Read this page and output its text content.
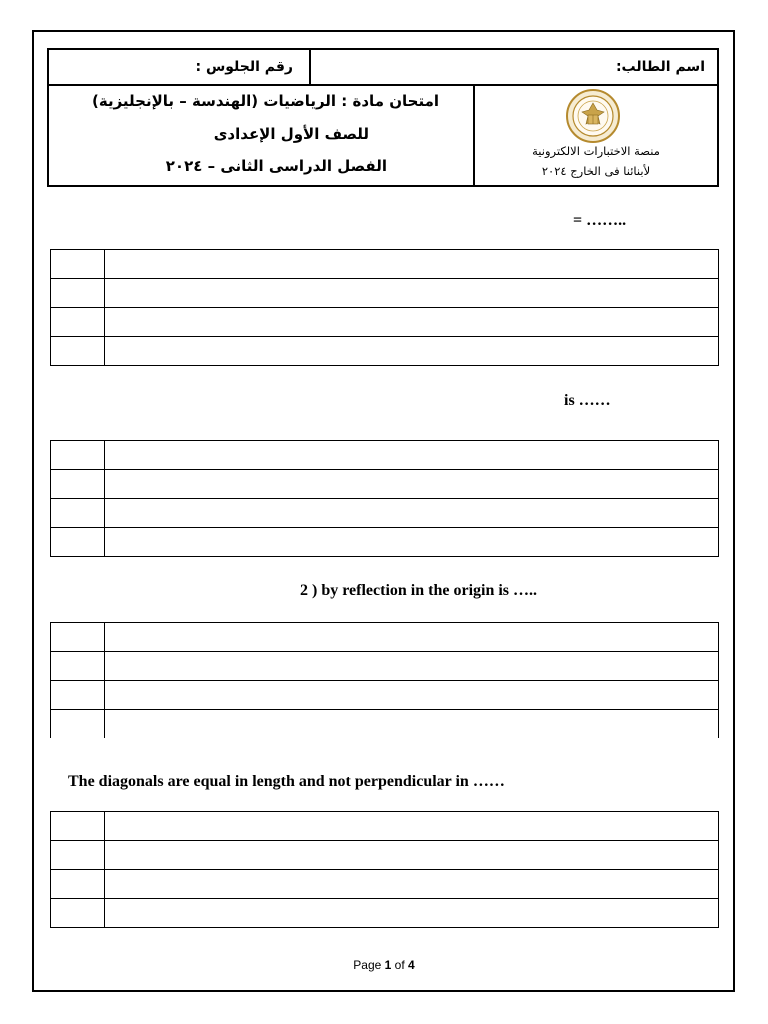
رقم الجلوس :	اسم الطالب:
امتحان مادة : الرياضيات (الهندسة – بالإنجليزية)
للصف الأول الإعدادى
الفصل الدراسى الثانى – ٢٠٢٤
منصة الاختبارات الالكترونية
لأبنائنا فى الخارج ٢٠٢٤
= ……..

is ……

2 ) by reflection in the origin is …..

The diagonals are equal in length and not perpendicular in ……

Page 1 of 4
